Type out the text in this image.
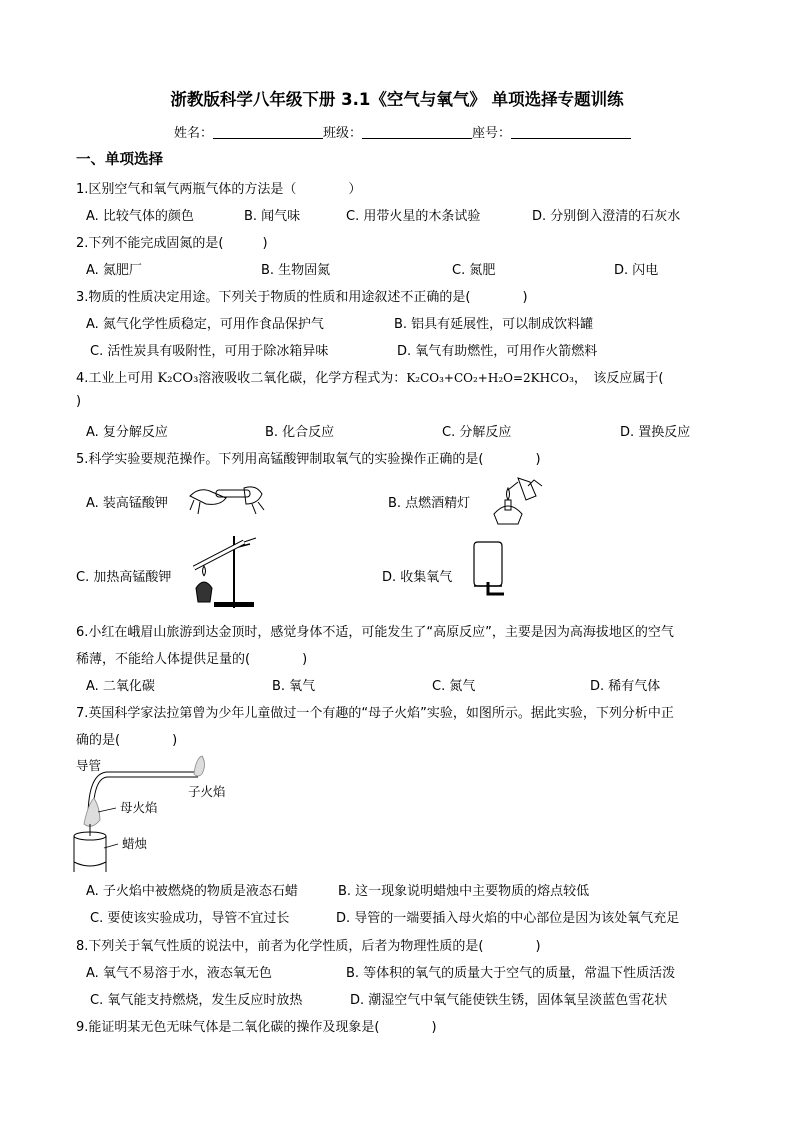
浙教版科学八年级下册 3.1《空气与氧气》 单项选择专题训练
姓名：	班级：	座号：
一、单项选择
1.区别空气和氧气两瓶气体的方法是（　　　　）
A. 比较气体的颜色	B. 闻气味	C. 用带火星的木条试验	D. 分别倒入澄清的石灰水
2.下列不能完成固氮的是(　　　)
A. 氮肥厂	B. 生物固氮	C. 氮肥	D. 闪电
3.物质的性质决定用途。下列关于物质的性质和用途叙述不正确的是(　　　　)
A. 氮气化学性质稳定，可用作食品保护气	B. 铝具有延展性，可以制成饮料罐
C. 活性炭具有吸附性，可用于除冰箱异味	D. 氧气有助燃性，可用作火箭燃料
4.工业上可用 K₂CO₃溶液吸收二氧化碳，化学方程式为：K₂CO₃+CO₂+H₂O=2KHCO₃，　该反应属于(
)
A. 复分解反应	B. 化合反应	C. 分解反应	D. 置换反应
5.科学实验要规范操作。下列用高锰酸钾制取氧气的实验操作正确的是(　　　　)
A. 装高锰酸钾	B. 点燃酒精灯
C. 加热高锰酸钾	D. 收集氧气
6.小红在峨眉山旅游到达金顶时，感觉身体不适，可能发生了“高原反应”，主要是因为高海拔地区的空气
稀薄，不能给人体提供足量的(　　　　)
A. 二氧化碳	B. 氧气	C. 氮气	D. 稀有气体
7.英国科学家法拉第曾为少年儿童做过一个有趣的“母子火焰”实验，如图所示。据此实验，下列分析中正
确的是(　　　　)
导管
子火焰
母火焰
蜡烛
A. 子火焰中被燃烧的物质是液态石蜡	B. 这一现象说明蜡烛中主要物质的熔点较低
C. 要使该实验成功，导管不宜过长	D. 导管的一端要插入母火焰的中心部位是因为该处氧气充足
8.下列关于氧气性质的说法中，前者为化学性质，后者为物理性质的是(　　　　)
A. 氧气不易溶于水，液态氧无色	B. 等体积的氧气的质量大于空气的质量，常温下性质活泼
C. 氧气能支持燃烧，发生反应时放热	D. 潮湿空气中氧气能使铁生锈，固体氧呈淡蓝色雪花状
9.能证明某无色无味气体是二氧化碳的操作及现象是(　　　　)
